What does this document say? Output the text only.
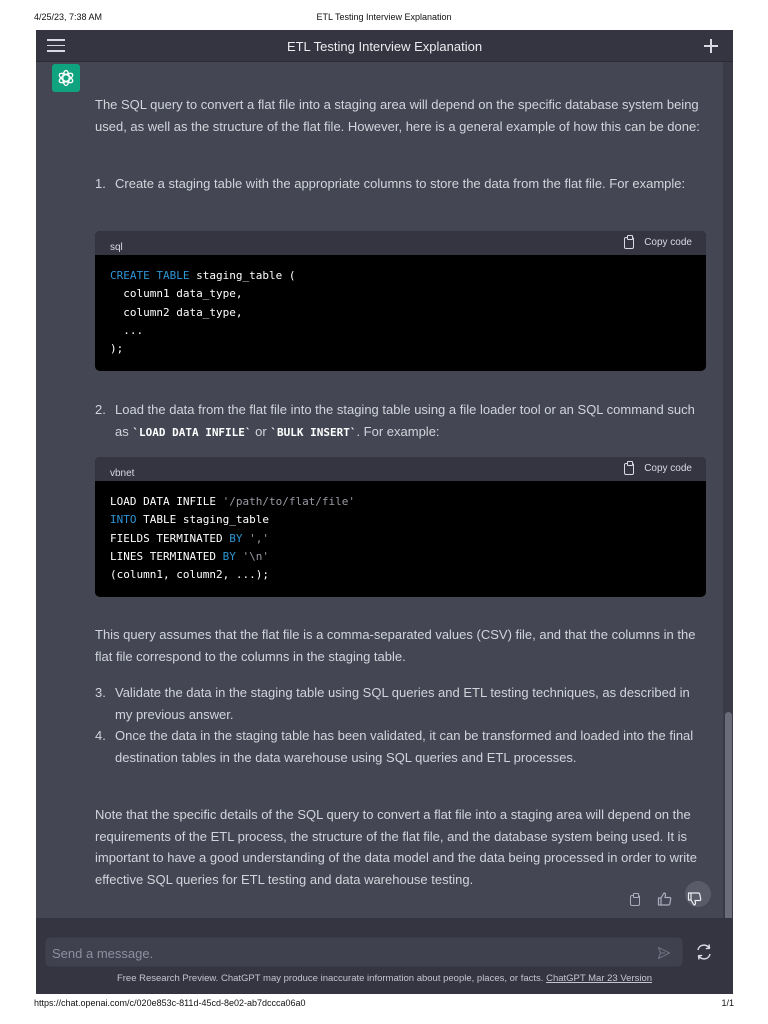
4/25/23, 7:38 AM	ETL Testing Interview Explanation
ETL Testing Interview Explanation
The SQL query to convert a flat file into a staging area will depend on the specific database system being used, as well as the structure of the flat file. However, here is a general example of how this can be done:
1. Create a staging table with the appropriate columns to store the data from the flat file. For example:
sql	Copy code
CREATE TABLE staging_table (
column1 data_type,
column2 data_type,
...
);
2. Load the data from the flat file into the staging table using a file loader tool or an SQL command such as `LOAD DATA INFILE` or `BULK INSERT`. For example:
vbnet	Copy code
LOAD DATA INFILE '/path/to/flat/file'
INTO TABLE staging_table
FIELDS TERMINATED BY ','
LINES TERMINATED BY '\n'
(column1, column2, ...);
This query assumes that the flat file is a comma-separated values (CSV) file, and that the columns in the flat file correspond to the columns in the staging table.
3. Validate the data in the staging table using SQL queries and ETL testing techniques, as described in my previous answer.
4. Once the data in the staging table has been validated, it can be transformed and loaded into the final destination tables in the data warehouse using SQL queries and ETL processes.
Note that the specific details of the SQL query to convert a flat file into a staging area will depend on the requirements of the ETL process, the structure of the flat file, and the database system being used. It is important to have a good understanding of the data model and the data being processed in order to write effective SQL queries for ETL testing and data warehouse testing.
Send a message.
Free Research Preview. ChatGPT may produce inaccurate information about people, places, or facts. ChatGPT Mar 23 Version
https://chat.openai.com/c/020e853c-811d-45cd-8e02-ab7dccca06a0	1/1
